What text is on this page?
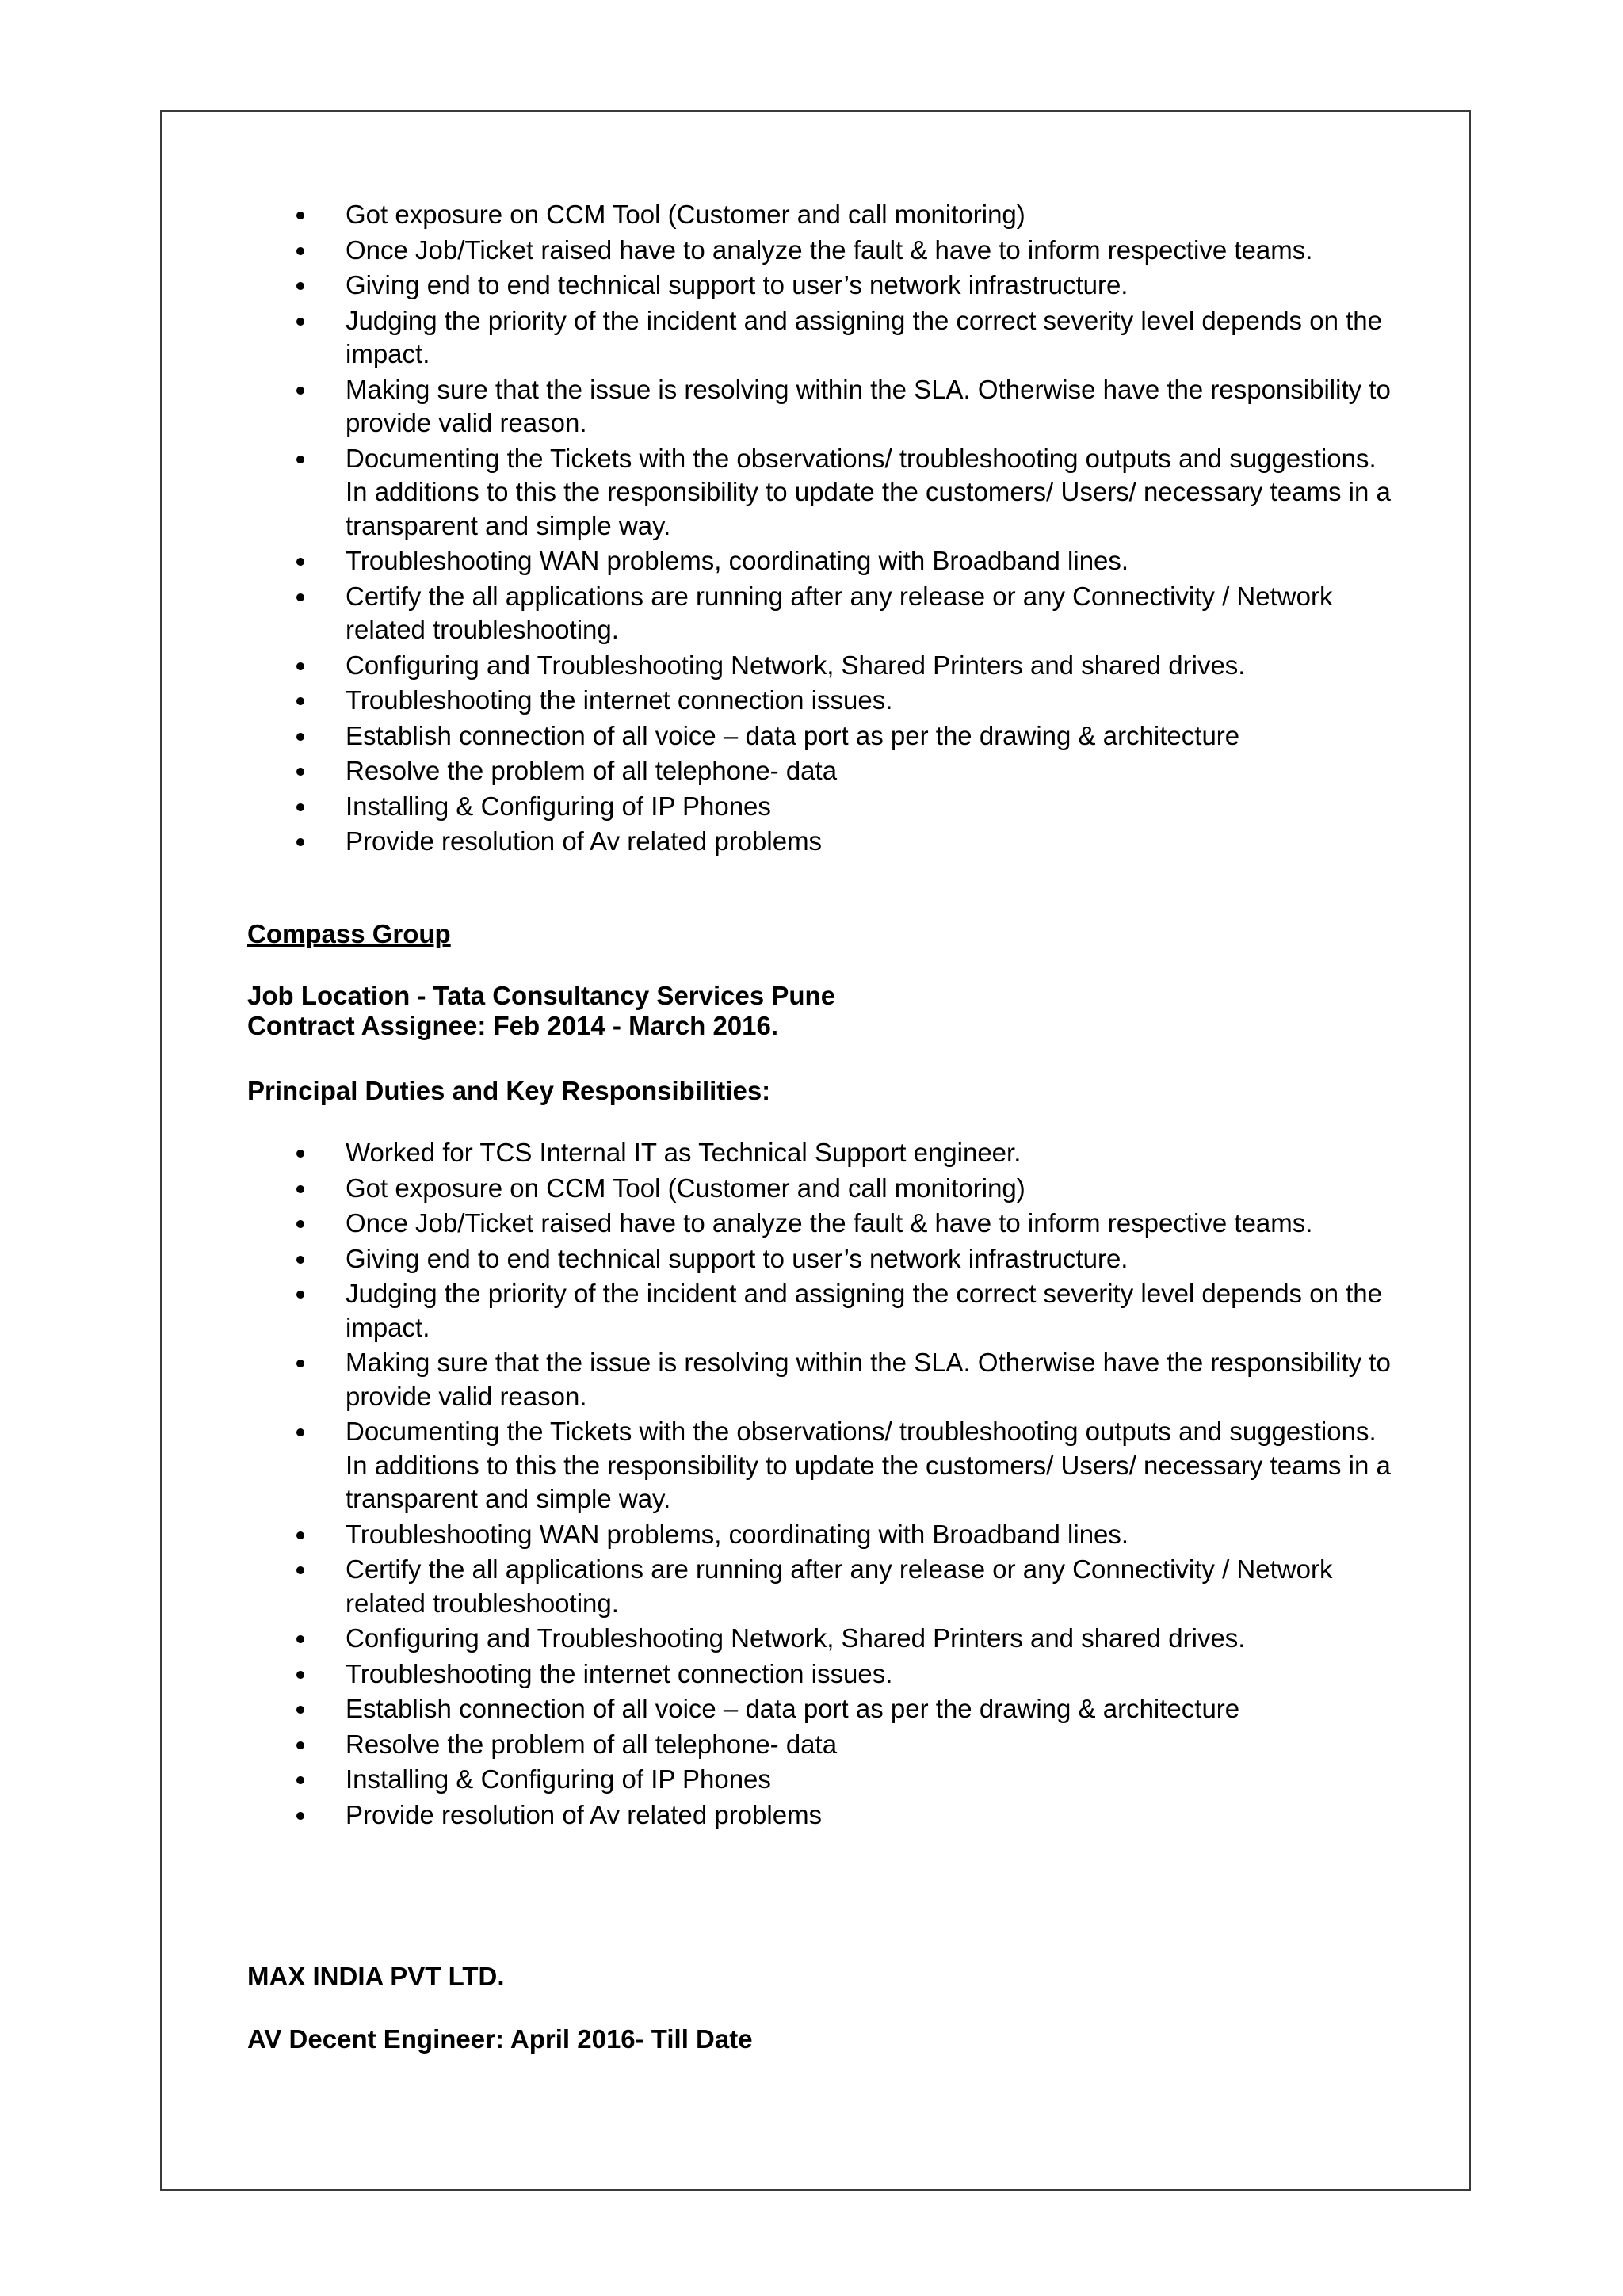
Got exposure on CCM Tool (Customer and call monitoring)
Once Job/Ticket raised have to analyze the fault & have to inform respective teams.
Giving end to end technical support to user’s network infrastructure.
Judging the priority of the incident and assigning the correct severity level depends on the impact.
Making sure that the issue is resolving within the SLA. Otherwise have the responsibility to provide valid reason.
Documenting the Tickets with the observations/ troubleshooting outputs and suggestions. In additions to this the responsibility to update the customers/ Users/ necessary teams in a transparent and simple way.
Troubleshooting WAN problems, coordinating with Broadband lines.
Certify the all applications are running after any release or any Connectivity / Network related troubleshooting.
Configuring and Troubleshooting Network, Shared Printers and shared drives.
Troubleshooting the internet connection issues.
Establish connection of all voice – data port as per the drawing & architecture
Resolve the problem of all telephone- data
Installing & Configuring of IP Phones
Provide resolution of Av related problems
Compass Group
Job Location - Tata Consultancy Services Pune
Contract Assignee: Feb 2014 - March 2016.
Principal Duties and Key Responsibilities:
Worked for TCS Internal IT as Technical Support engineer.
Got exposure on CCM Tool (Customer and call monitoring)
Once Job/Ticket raised have to analyze the fault & have to inform respective teams.
Giving end to end technical support to user’s network infrastructure.
Judging the priority of the incident and assigning the correct severity level depends on the impact.
Making sure that the issue is resolving within the SLA. Otherwise have the responsibility to provide valid reason.
Documenting the Tickets with the observations/ troubleshooting outputs and suggestions. In additions to this the responsibility to update the customers/ Users/ necessary teams in a transparent and simple way.
Troubleshooting WAN problems, coordinating with Broadband lines.
Certify the all applications are running after any release or any Connectivity / Network related troubleshooting.
Configuring and Troubleshooting Network, Shared Printers and shared drives.
Troubleshooting the internet connection issues.
Establish connection of all voice – data port as per the drawing & architecture
Resolve the problem of all telephone- data
Installing & Configuring of IP Phones
Provide resolution of Av related problems
MAX INDIA PVT LTD.
AV Decent Engineer: April 2016- Till Date
